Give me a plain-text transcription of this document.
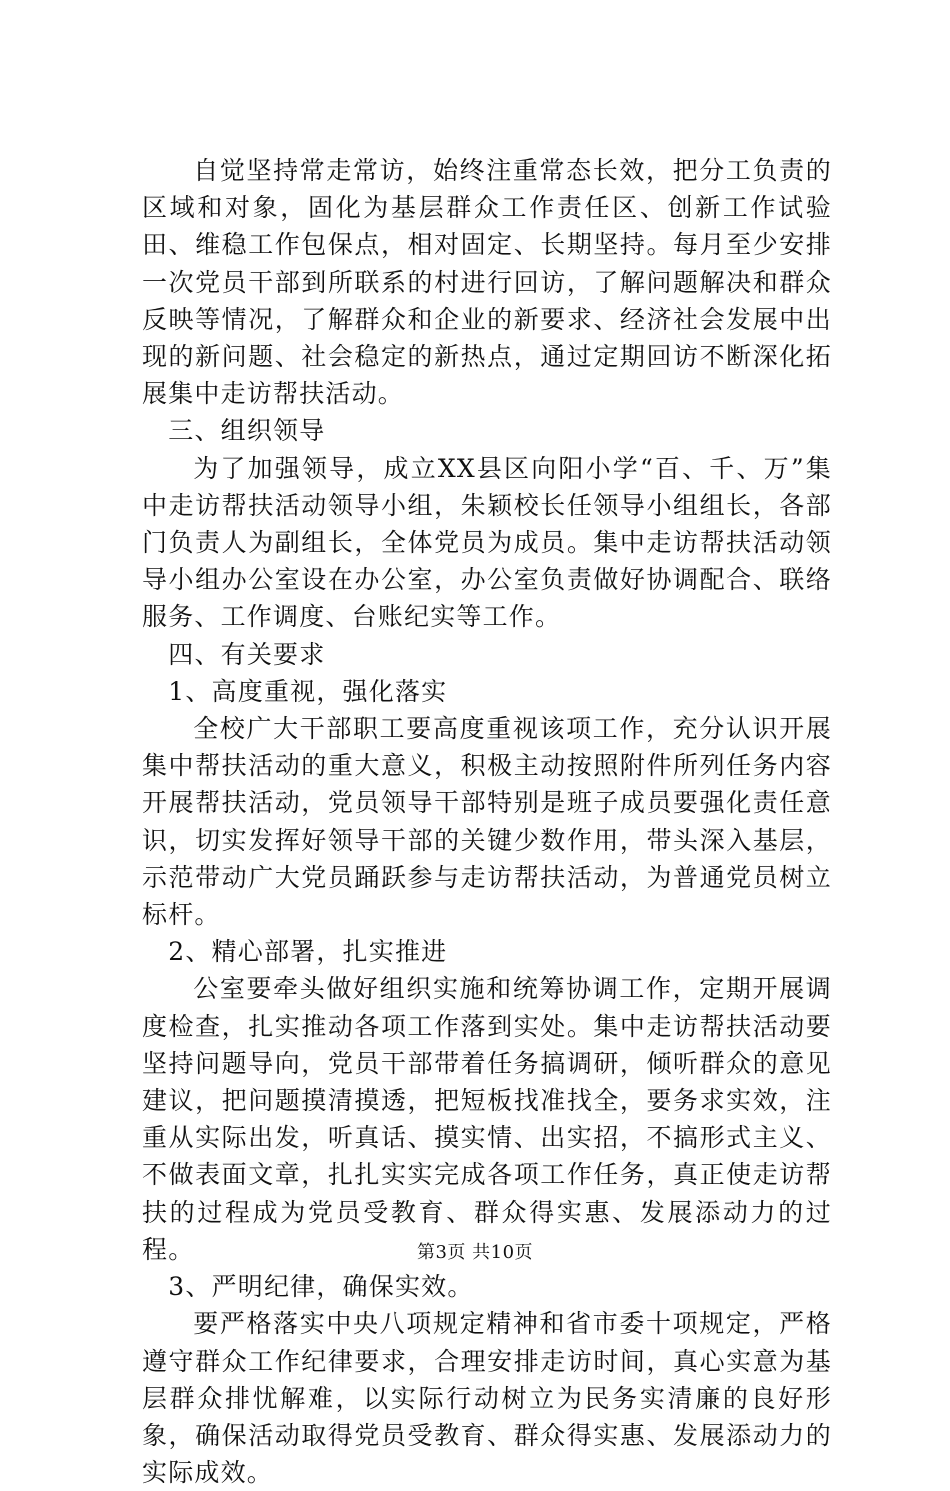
自觉坚持常走常访，始终注重常态长效，把分工负责的区域和对象，固化为基层群众工作责任区、创新工作试验田、维稳工作包保点，相对固定、长期坚持。每月至少安排一次党员干部到所联系的村进行回访，了解问题解决和群众反映等情况，了解群众和企业的新要求、经济社会发展中出现的新问题、社会稳定的新热点，通过定期回访不断深化拓展集中走访帮扶活动。

三、组织领导

为了加强领导，成立XX县区向阳小学“百、千、万”集中走访帮扶活动领导小组，朱颖校长任领导小组组长，各部门负责人为副组长，全体党员为成员。集中走访帮扶活动领导小组办公室设在办公室，办公室负责做好协调配合、联络服务、工作调度、台账纪实等工作。

四、有关要求

1、高度重视，强化落实

全校广大干部职工要高度重视该项工作，充分认识开展集中帮扶活动的重大意义，积极主动按照附件所列任务内容开展帮扶活动，党员领导干部特别是班子成员要强化责任意识，切实发挥好领导干部的关键少数作用，带头深入基层，示范带动广大党员踊跃参与走访帮扶活动，为普通党员树立标杆。

2、精心部署，扎实推进

公室要牵头做好组织实施和统筹协调工作，定期开展调度检查，扎实推动各项工作落到实处。集中走访帮扶活动要坚持问题导向，党员干部带着任务搞调研，倾听群众的意见建议，把问题摸清摸透，把短板找准找全，要务求实效，注重从实际出发，听真话、摸实情、出实招，不搞形式主义、不做表面文章，扎扎实实完成各项工作任务，真正使走访帮扶的过程成为党员受教育、群众得实惠、发展添动力的过程。

3、严明纪律，确保实效。

要严格落实中央八项规定精神和省市委十项规定，严格遵守群众工作纪律要求，合理安排走访时间，真心实意为基层群众排忧解难，以实际行动树立为民务实清廉的良好形象，确保活动取得党员受教育、群众得实惠、发展添动力的实际成效。

第3页 共10页
